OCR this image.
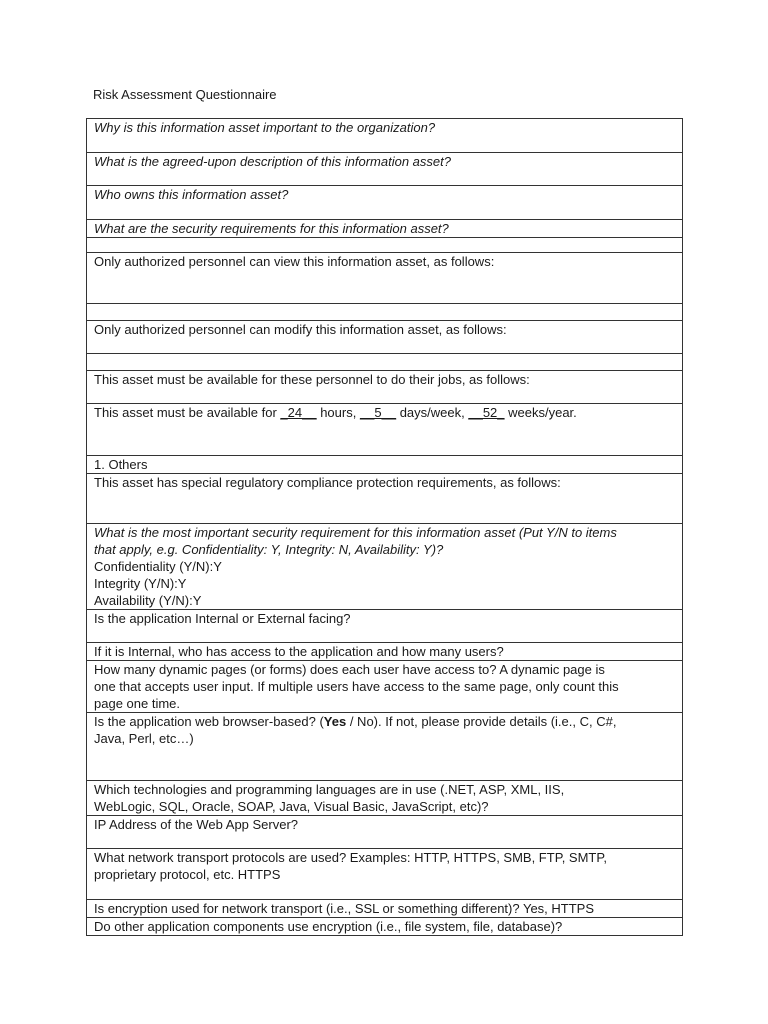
Risk Assessment Questionnaire
Why is this information asset important to the organization?
What is the agreed-upon description of this information asset?
Who owns this information asset?
What are the security requirements for this information asset?

Only authorized personnel can view this information asset, as follows:

Only authorized personnel can modify this information asset, as follows:

This asset must be available for these personnel to do their jobs, as follows:
This asset must be available for _24__ hours, __5__ days/week, __52_ weeks/year.
1. Others
This asset has special regulatory compliance protection requirements, as follows:

What is the most important security requirement for this information asset (Put Y/N to items
that apply, e.g. Confidentiality: Y, Integrity: N, Availability: Y)?
Confidentiality (Y/N):Y
Integrity (Y/N):Y
Availability (Y/N):Y

Is the application Internal or External facing?
If it is Internal, who has access to the application and how many users?

How many dynamic pages (or forms) does each user have access to? A dynamic page is
one that accepts user input. If multiple users have access to the same page, only count this
page one time.

Is the application web browser-based? (Yes / No). If not, please provide details (i.e., C, C#,
Java, Perl, etc…)

Which technologies and programming languages are in use (.NET, ASP, XML, IIS,
WebLogic, SQL, Oracle, SOAP, Java, Visual Basic, JavaScript, etc)?

IP Address of the Web App Server?

What network transport protocols are used? Examples: HTTP, HTTPS, SMB, FTP, SMTP,
proprietary protocol, etc. HTTPS

Is encryption used for network transport (i.e., SSL or something different)? Yes, HTTPS
Do other application components use encryption (i.e., file system, file, database)?
